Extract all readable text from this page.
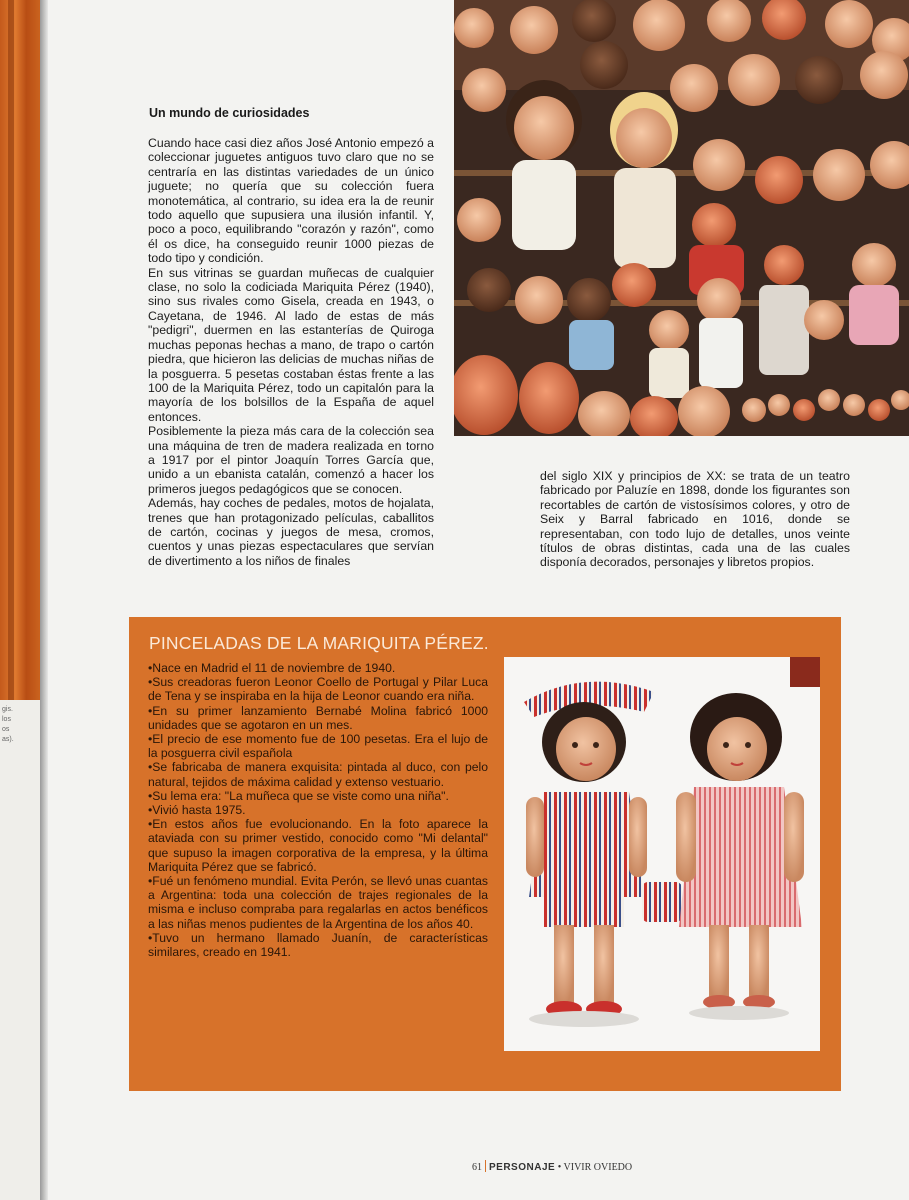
gis.
los
os
as).
Un mundo de curiosidades

Cuando hace casi diez años José Antonio empezó a coleccionar juguetes antiguos tuvo claro que no se centraría en las distintas variedades de un único juguete; no quería que su colección fuera monotemática, al contrario, su idea era la de reunir todo aquello que supusiera una ilusión infantil. Y, poco a poco, equilibrando "corazón y razón", como él os dice, ha conseguido reunir 1000 piezas de todo tipo y condición.

En sus vitrinas se guardan muñecas de cualquier clase, no solo la codiciada Mariquita Pérez (1940), sino sus rivales como Gisela, creada en 1943, o Cayetana, de 1946. Al lado de estas de más "pedigri", duermen en las estanterías de Quiroga muchas peponas hechas a mano, de trapo o cartón piedra, que hicieron las delicias de muchas niñas de la posguerra. 5 pesetas costaban éstas frente a las 100 de la Mariquita Pérez, todo un capitalón para la mayoría de los bolsillos de la España de aquel entonces.

Posiblemente la pieza más cara de la colección sea una máquina de tren de madera realizada en torno a 1917 por el pintor Joaquín Torres García que, unido a un ebanista catalán, comenzó a hacer los primeros juegos pedagógicos que se conocen.

Además, hay coches de pedales, motos de hojalata, trenes que han protagonizado películas, caballitos de cartón, cocinas y juegos de mesa, cromos, cuentos y unas piezas espectaculares que servían de divertimento a los niños de finales

del siglo XIX y principios de XX: se trata de un teatro fabricado por Paluzíe en 1898, donde los figurantes son recortables de cartón de vistosísimos colores, y otro de Seix y Barral fabricado en 1016, donde se representaban, con todo lujo de detalles, unos veinte títulos de obras distintas, cada una de las cuales disponía decorados, personajes y libretos propios.

PINCELADAS DE LA MARIQUITA PÉREZ.

•Nace en Madrid el 11 de noviembre de 1940.

•Sus creadoras fueron Leonor Coello de Portugal y Pilar Luca de Tena y se inspiraba en la hija de Leonor cuando era niña.

•En su primer lanzamiento Bernabé Molina fabricó 1000 unidades que se agotaron en un mes.

•El precio de ese momento fue de 100 pesetas. Era el lujo de la posguerra civil española

•Se fabricaba de manera exquisita: pintada al duco, con pelo natural, tejidos de máxima calidad y extenso vestuario.

•Su lema era: "La muñeca que se viste como una niña".

•Vivió hasta 1975.

•En estos años fue evolucionando. En la foto aparece la ataviada con su primer vestido, conocido como "Mi delantal" que supuso la imagen corporativa de la empresa, y la última Mariquita Pérez que se fabricó.

•Fué un fenómeno mundial. Evita Perón, se llevó unas cuantas a Argentina: toda una colección de trajes regionales de la misma e incluso compraba para regalarlas en actos benéficos a las niñas menos pudientes de la Argentina de los años 40.

•Tuvo un hermano llamado Juanín, de características similares, creado en 1941.

61 PERSONAJE • VIVIR OVIEDO
